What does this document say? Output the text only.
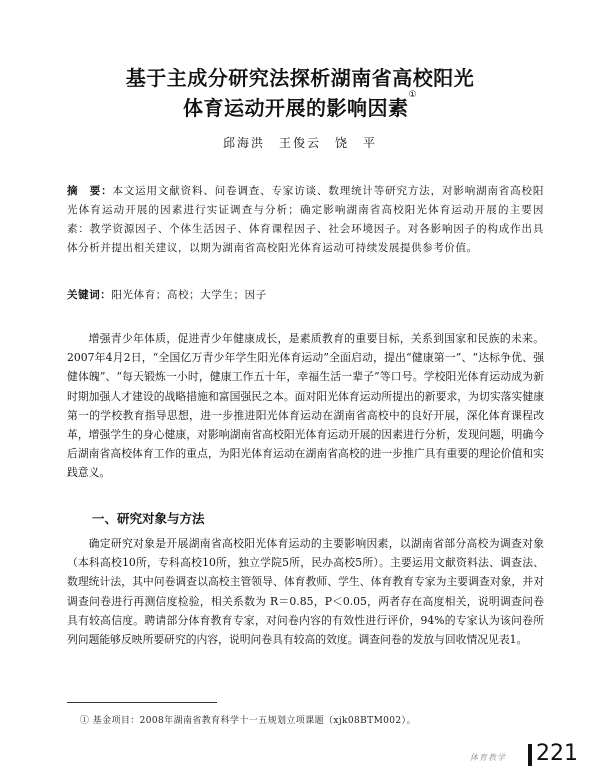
基于主成分研究法探析湖南省高校阳光
体育运动开展的影响因素①
邱海洪　王俊云　饶　平
摘　要：本文运用文献资料、问卷调查、专家访谈、数理统计等研究方法，对影响湖南省高校阳光体育运动开展的因素进行实证调查与分析；确定影响湖南省高校阳光体育运动开展的主要因素：教学资源因子、个体生活因子、体育课程因子、社会环境因子。对各影响因子的构成作出具体分析并提出相关建议，以期为湖南省高校阳光体育运动可持续发展提供参考价值。
关键词：阳光体育；高校；大学生；因子

增强青少年体质，促进青少年健康成长，是素质教育的重要目标，关系到国家和民族的未来。2007年4月2日，“全国亿万青少年学生阳光体育运动”全面启动，提出“健康第一”、“达标争优、强健体魄”、“每天锻炼一小时，健康工作五十年，幸福生活一辈子”等口号。学校阳光体育运动成为新时期加强人才建设的战略措施和富国强民之本。面对阳光体育运动所提出的新要求，为切实落实健康第一的学校教育指导思想，进一步推进阳光体育运动在湖南省高校中的良好开展，深化体育课程改革，增强学生的身心健康，对影响湖南省高校阳光体育运动开展的因素进行分析，发现问题，明确今后湖南省高校体育工作的重点，为阳光体育运动在湖南省高校的进一步推广具有重要的理论价值和实践意义。

一、研究对象与方法

确定研究对象是开展湖南省高校阳光体育运动的主要影响因素，以湖南省部分高校为调查对象（本科高校10所，专科高校10所，独立学院5所，民办高校5所）。主要运用文献资料法、调查法、数理统计法，其中问卷调查以高校主管领导、体育教师、学生、体育教育专家为主要调查对象，并对调查问卷进行再测信度检验，相关系数为 R＝0.85，P＜0.05，两者存在高度相关，说明调查问卷具有较高信度。聘请部分体育教育专家，对问卷内容的有效性进行评价，94%的专家认为该问卷所列问题能够反映所要研究的内容，说明问卷具有较高的效度。调查问卷的发放与回收情况见表1。

① 基金项目：2008年湖南省教育科学十一五规划立项课题（xjk08BTM002）。
体育教学 221
